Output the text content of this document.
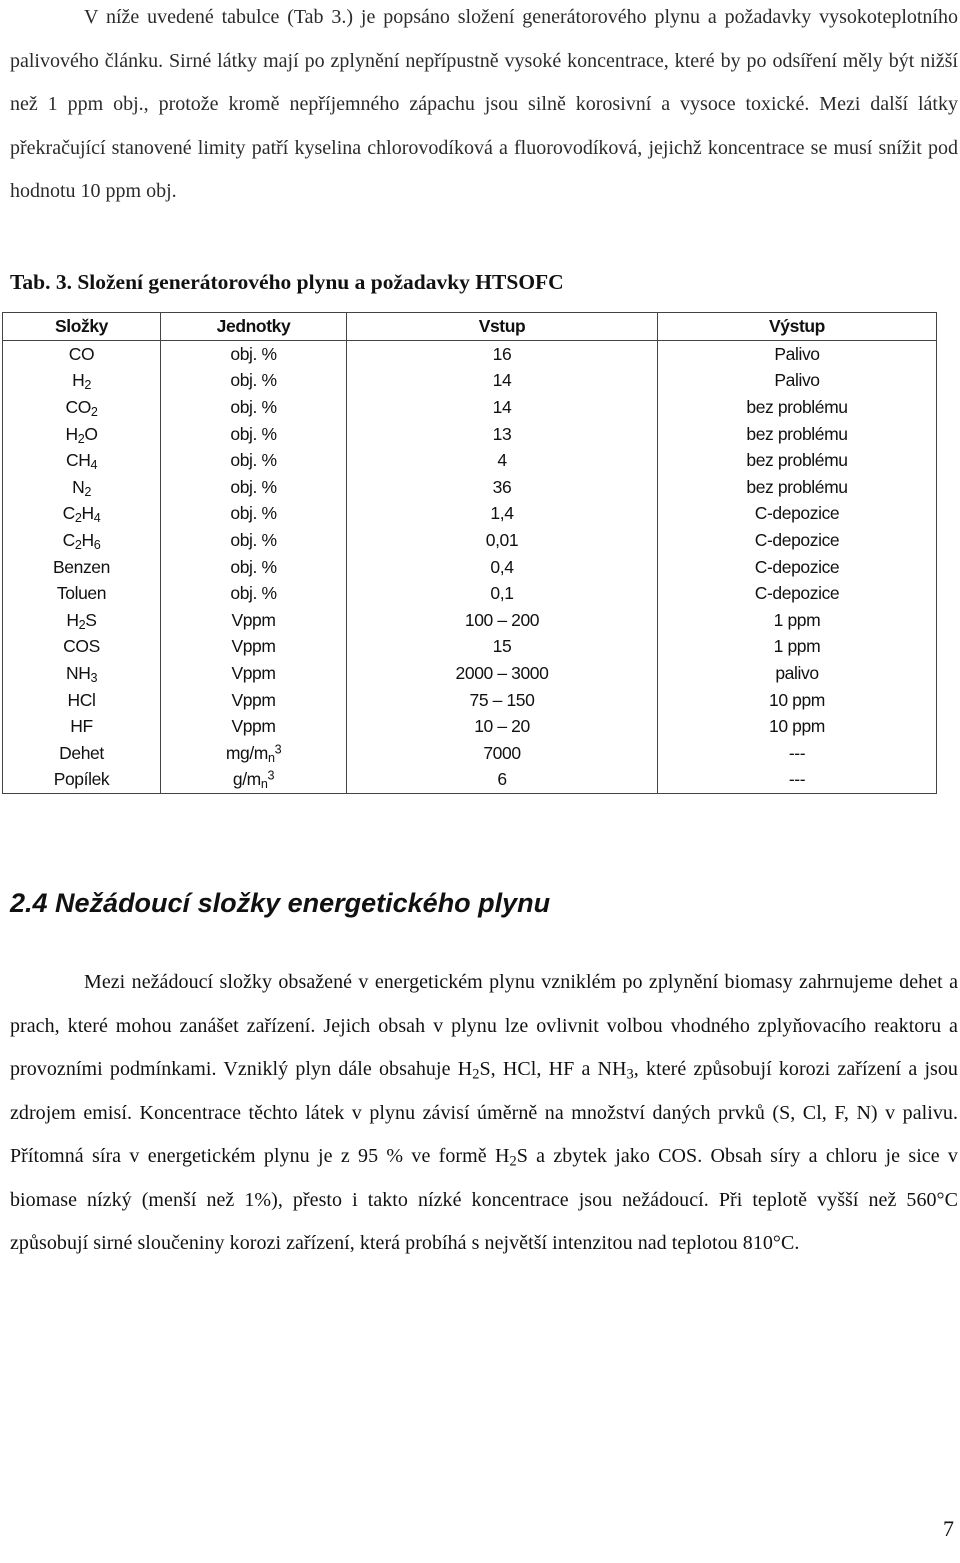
V níže uvedené tabulce (Tab 3.) je popsáno složení generátorového plynu a požadavky vysokoteplotního palivového článku. Sirné látky mají po zplynění nepřípustně vysoké koncentrace, které by po odsíření měly být nižší než 1 ppm obj., protože kromě nepříjemného zápachu jsou silně korosivní a vysoce toxické. Mezi další látky překračující stanovené limity patří kyselina chlorovodíková a fluorovodíková, jejichž koncentrace se musí snížit pod hodnotu 10 ppm obj.

Tab. 3. Složení generátorového plynu a požadavky HTSOFC

Složky	Jednotky	Vstup	Výstup
CO	obj. %	16	Palivo
$H_2$	obj. %	14	Palivo
$CO_2$	obj. %	14	bez problému
$H_2O$	obj. %	13	bez problému
$CH_4$	obj. %	4	bez problému
$N_2$	obj. %	36	bez problému
$C_2H_4$	obj. %	1,4	C-depozice
$C_2H_6$	obj. %	0,01	C-depozice
Benzen	obj. %	0,4	C-depozice
Toluen	obj. %	0,1	C-depozice
$H_2S$	Vppm	100 – 200	1 ppm
COS	Vppm	15	1 ppm
$NH_3$	Vppm	2000 – 3000	palivo
HCl	Vppm	75 – 150	10 ppm
HF	Vppm	10 – 20	10 ppm
Dehet	$mg/m_n^3$	7000	---
Popílek	$g/m_n^3$	6	---
2.4 Nežádoucí složky energetického plynu

Mezi nežádoucí složky obsažené v energetickém plynu vzniklém po zplynění biomasy zahrnujeme dehet a prach, které mohou zanášet zařízení. Jejich obsah v plynu lze ovlivnit volbou vhodného zplyňovacího reaktoru a provozními podmínkami. Vzniklý plyn dále obsahuje $H_2S$, HCl, HF a $NH_3$, které způsobují korozi zařízení a jsou zdrojem emisí. Koncentrace těchto látek v plynu závisí úměrně na množství daných prvků (S, Cl, F, N) v palivu. Přítomná síra v energetickém plynu je z 95 % ve formě $H_2S$ a zbytek jako COS. Obsah síry a chloru je sice v biomase nízký (menší než 1%), přesto i takto nízké koncentrace jsou nežádoucí. Při teplotě vyšší než 560°C způsobují sirné sloučeniny korozi zařízení, která probíhá s největší intenzitou nad teplotou 810°C.

7
